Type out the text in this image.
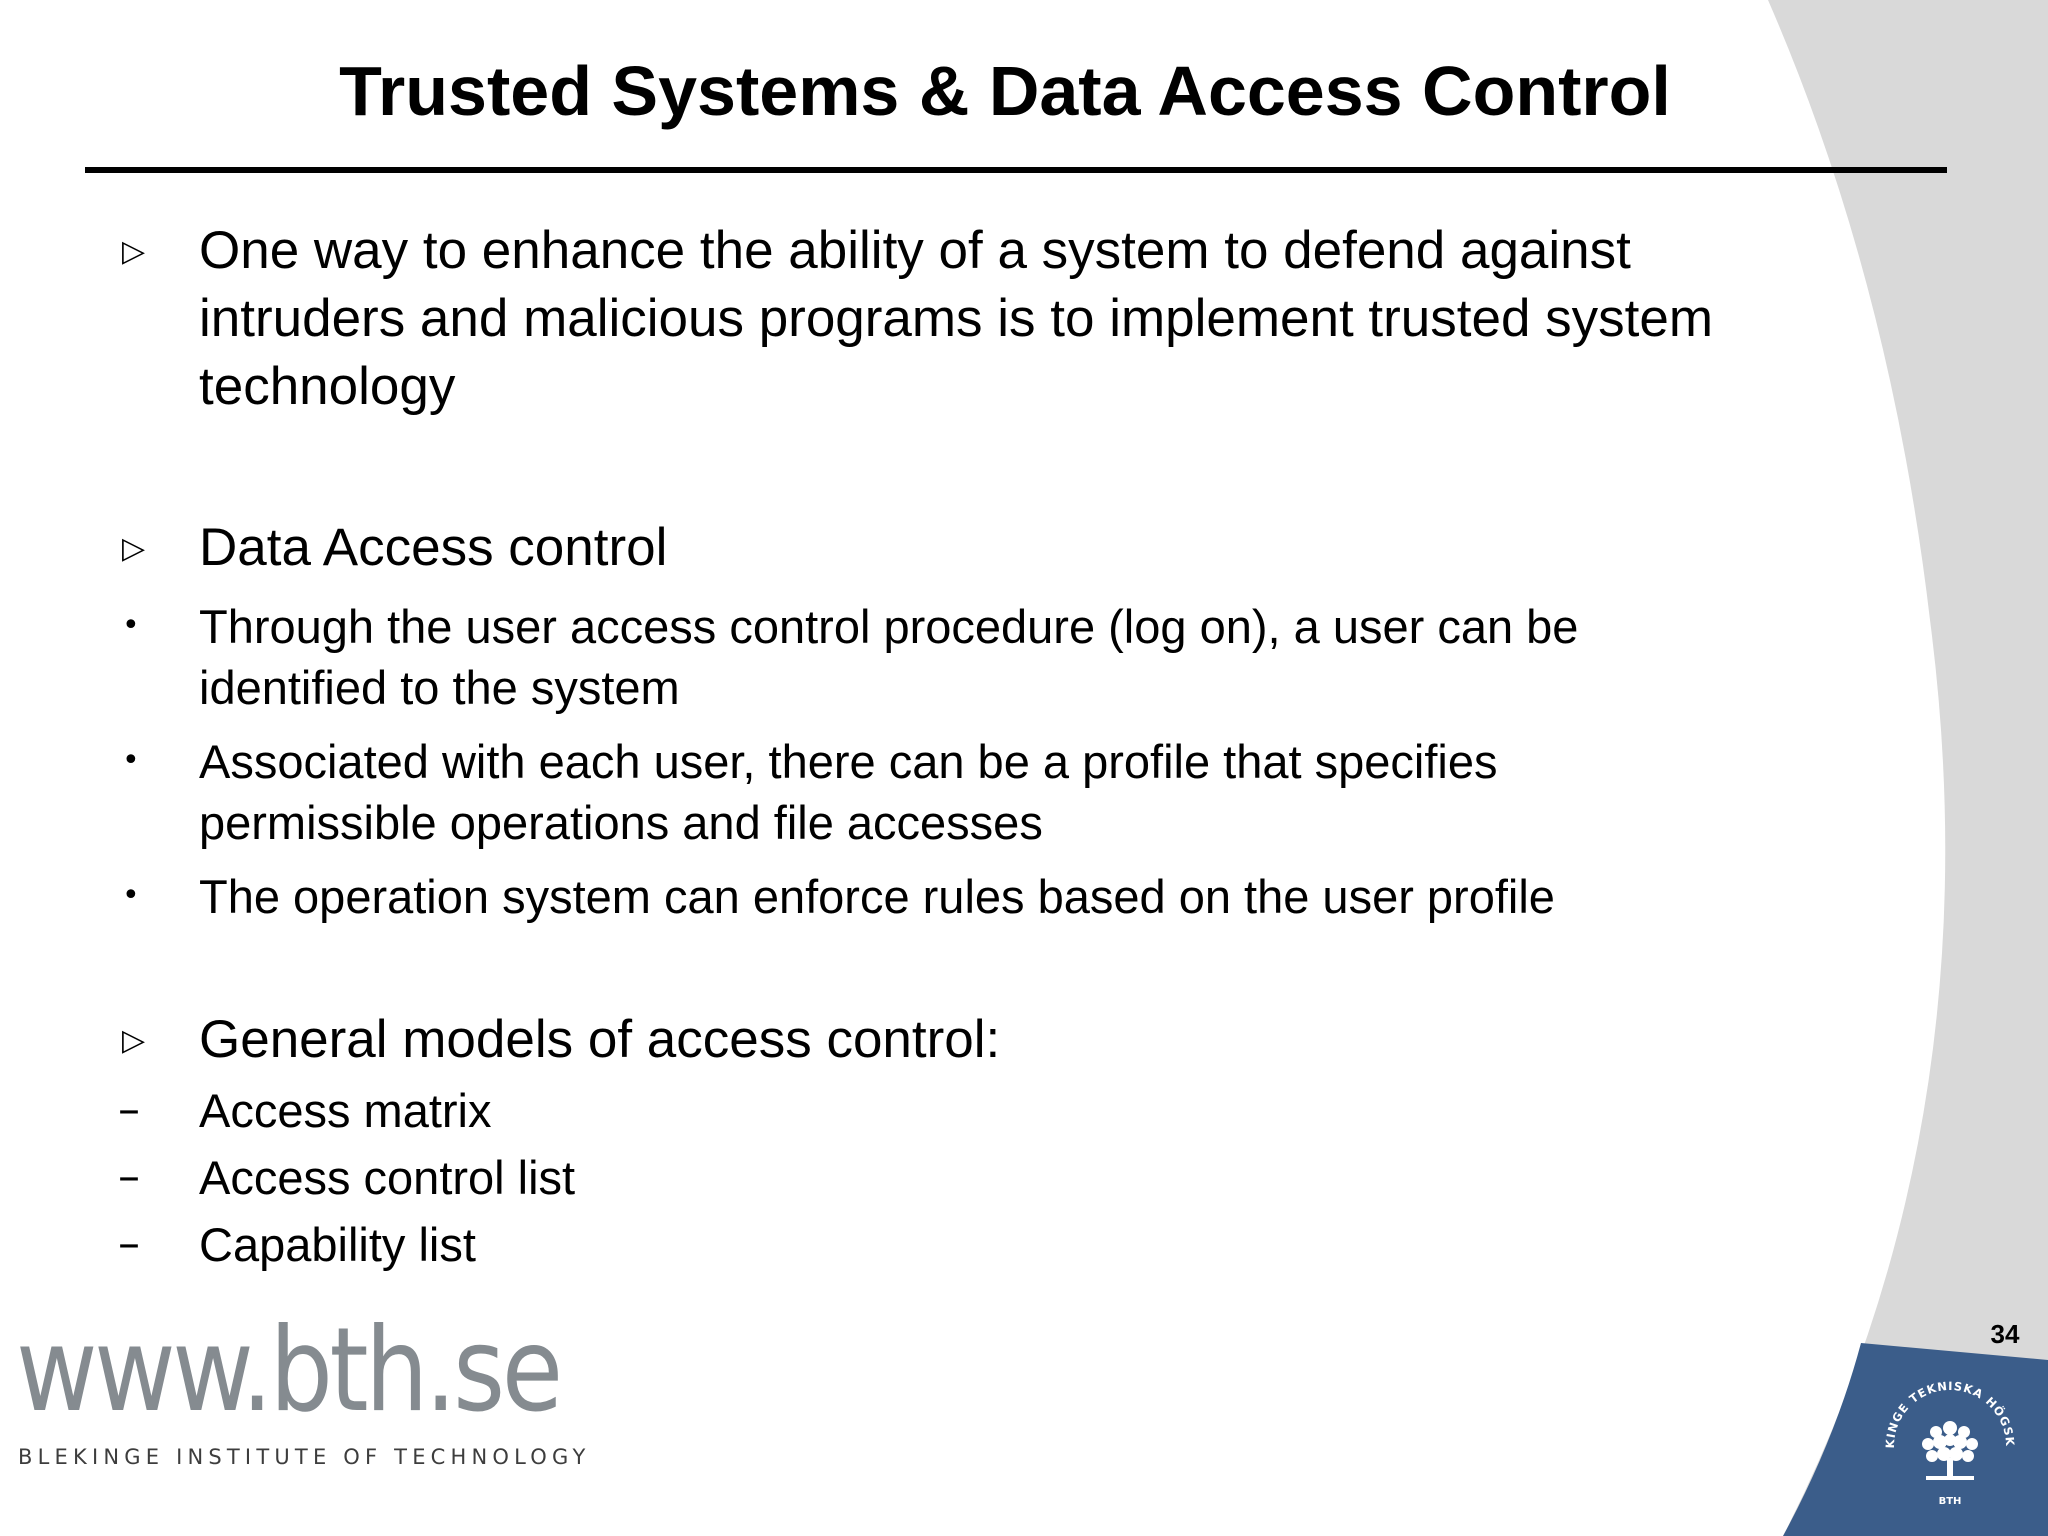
KINGE TEKNISKA HÖGSK
BTH
Trusted Systems & Data Access Control
▷ One way to enhance the ability of a system to defend against
intruders and malicious programs is to implement trusted system
technology
▷ Data Access control
• Through the user access control procedure (log on), a user can be
identified to the system
• Associated with each user, there can be a profile that specifies
permissible operations and file accesses
• The operation system can enforce rules based on the user profile
▷ General models of access control:
– Access matrix
– Access control list
– Capability list
www.bth.se
BLEKINGE INSTITUTE OF TECHNOLOGY
34
